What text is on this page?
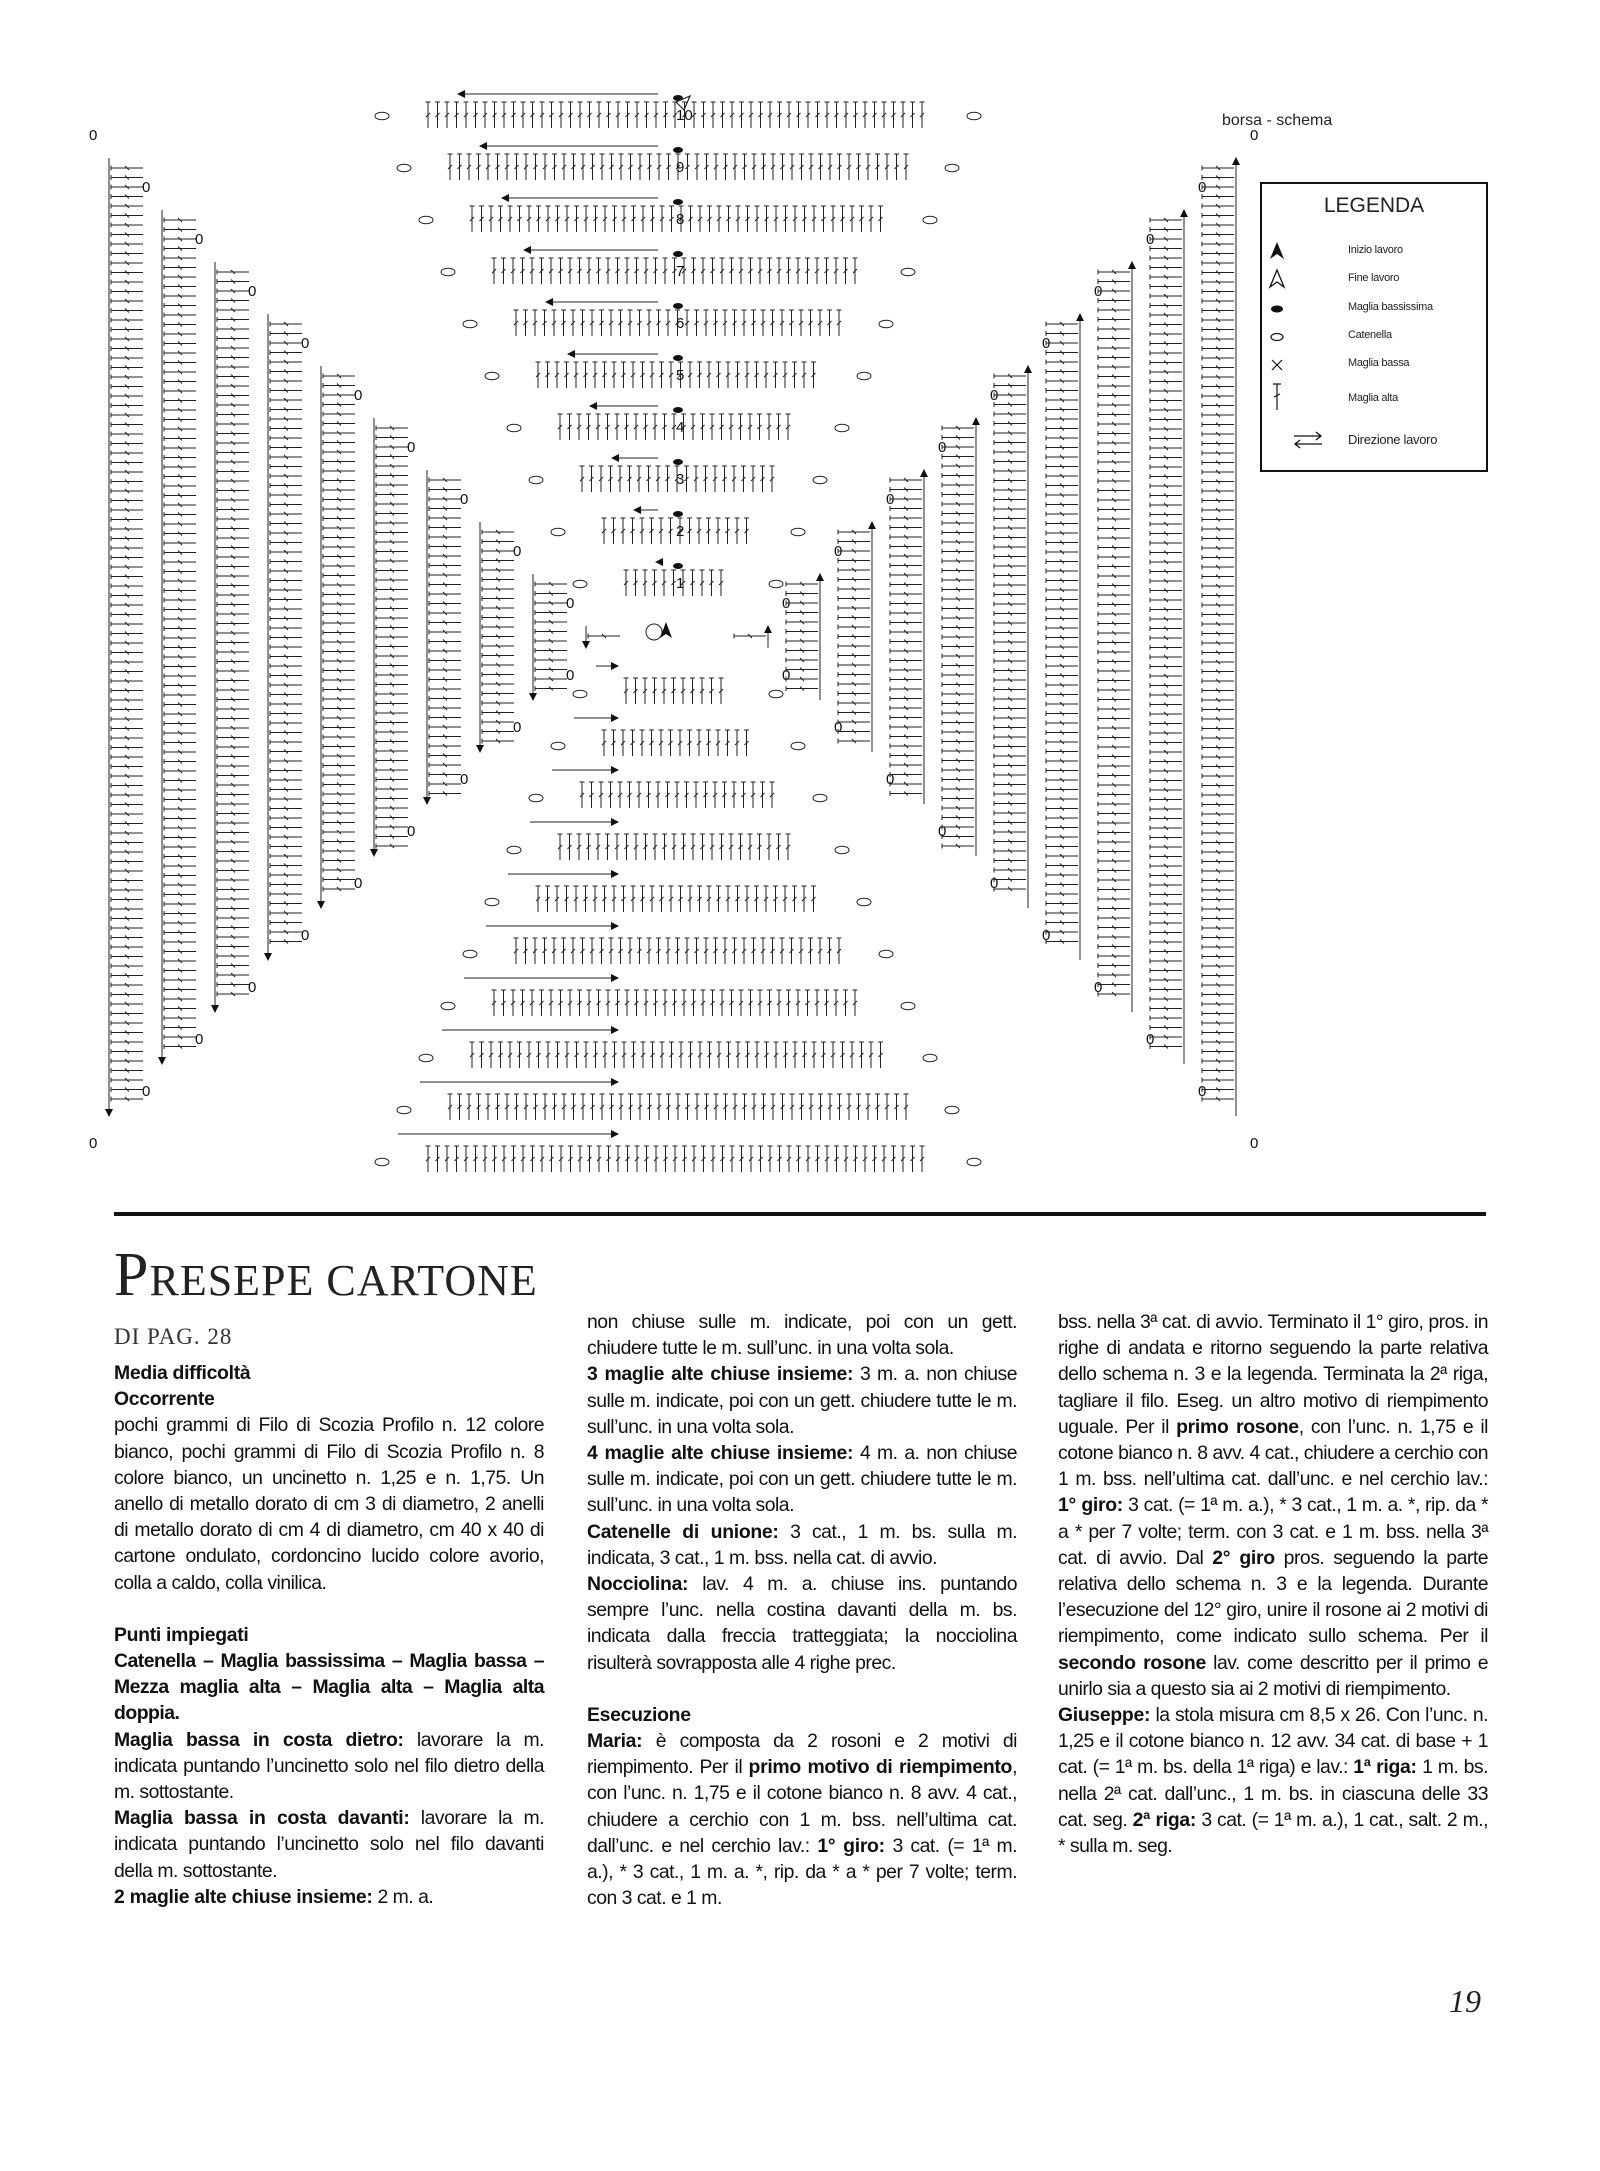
0	0
0	0
1
0	0
0	0
2
0	0
0	0
3
0	0
0	0
4
0	0
0	0
5
0	0
0	0
6
0	0
0	0
7
0	0
0	0
8
0	0
0	0
9
0	0
0	0
10	borsa - schema
LEGENDA
Inizio lavoro
Fine lavoro
Maglia bassissima
Catenella
Maglia bassa
Maglia alta
Direzione lavoro
PRESEPE CARTONE
DI PAG. 28
Media difficoltà
Occorrente

pochi grammi di Filo di Scozia Profilo n. 12 colore bianco, pochi grammi di Filo di Scozia Profilo n. 8 colore bianco, un uncinetto n. 1,25 e n. 1,75. Un anello di metallo dorato di cm 3 di diametro, 2 anelli di metallo dorato di cm 4 di diametro, cm 40 x 40 di cartone ondulato, cordoncino lucido colore avorio, colla a caldo, colla vinilica.

Punti impiegati

Catenella – Maglia bassissima – Maglia bassa – Mezza maglia alta – Maglia alta – Maglia alta doppia.

Maglia bassa in costa dietro: lavorare la m. indicata puntando l’uncinetto solo nel filo dietro della m. sottostante.

Maglia bassa in costa davanti: lavorare la m. indicata puntando l’uncinetto solo nel filo davanti della m. sottostante.

2 maglie alte chiuse insieme: 2 m. a.

non chiuse sulle m. indicate, poi con un gett. chiudere tutte le m. sull’unc. in una volta sola.

3 maglie alte chiuse insieme: 3 m. a. non chiuse sulle m. indicate, poi con un gett. chiudere tutte le m. sull’unc. in una volta sola.

4 maglie alte chiuse insieme: 4 m. a. non chiuse sulle m. indicate, poi con un gett. chiudere tutte le m. sull’unc. in una volta sola.

Catenelle di unione: 3 cat., 1 m. bs. sulla m. indicata, 3 cat., 1 m. bss. nella cat. di avvio.

Nocciolina: lav. 4 m. a. chiuse ins. puntando sempre l’unc. nella costina davanti della m. bs. indicata dalla freccia tratteggiata; la nocciolina risulterà sovrapposta alle 4 righe prec.

Esecuzione

Maria: è composta da 2 rosoni e 2 motivi di riempimento. Per il primo motivo di riempimento, con l’unc. n. 1,75 e il cotone bianco n. 8 avv. 4 cat., chiudere a cerchio con 1 m. bss. nell’ultima cat. dall’unc. e nel cerchio lav.: 1° giro: 3 cat. (= 1ª m. a.), * 3 cat., 1 m. a. *, rip. da * a * per 7 volte; term. con 3 cat. e 1 m.

bss. nella 3ª cat. di avvio. Terminato il 1° giro, pros. in righe di andata e ritorno seguendo la parte relativa dello schema n. 3 e la legenda. Terminata la 2ª riga, tagliare il filo. Eseg. un altro motivo di riempimento uguale. Per il primo rosone, con l’unc. n. 1,75 e il cotone bianco n. 8 avv. 4 cat., chiudere a cerchio con 1 m. bss. nell’ultima cat. dall’unc. e nel cerchio lav.: 1° giro: 3 cat. (= 1ª m. a.), * 3 cat., 1 m. a. *, rip. da * a * per 7 volte; term. con 3 cat. e 1 m. bss. nella 3ª cat. di avvio. Dal 2° giro pros. seguendo la parte relativa dello schema n. 3 e la legenda. Durante l’esecuzione del 12° giro, unire il rosone ai 2 motivi di riempimento, come indicato sullo schema. Per il secondo rosone lav. come descritto per il primo e unirlo sia a questo sia ai 2 motivi di riempimento.

Giuseppe: la stola misura cm 8,5 x 26. Con l’unc. n. 1,25 e il cotone bianco n. 12 avv. 34 cat. di base + 1 cat. (= 1ª m. bs. della 1ª riga) e lav.: 1ª riga: 1 m. bs. nella 2ª cat. dall’unc., 1 m. bs. in ciascuna delle 33 cat. seg. 2ª riga: 3 cat. (= 1ª m. a.), 1 cat., salt. 2 m., * sulla m. seg.

19
